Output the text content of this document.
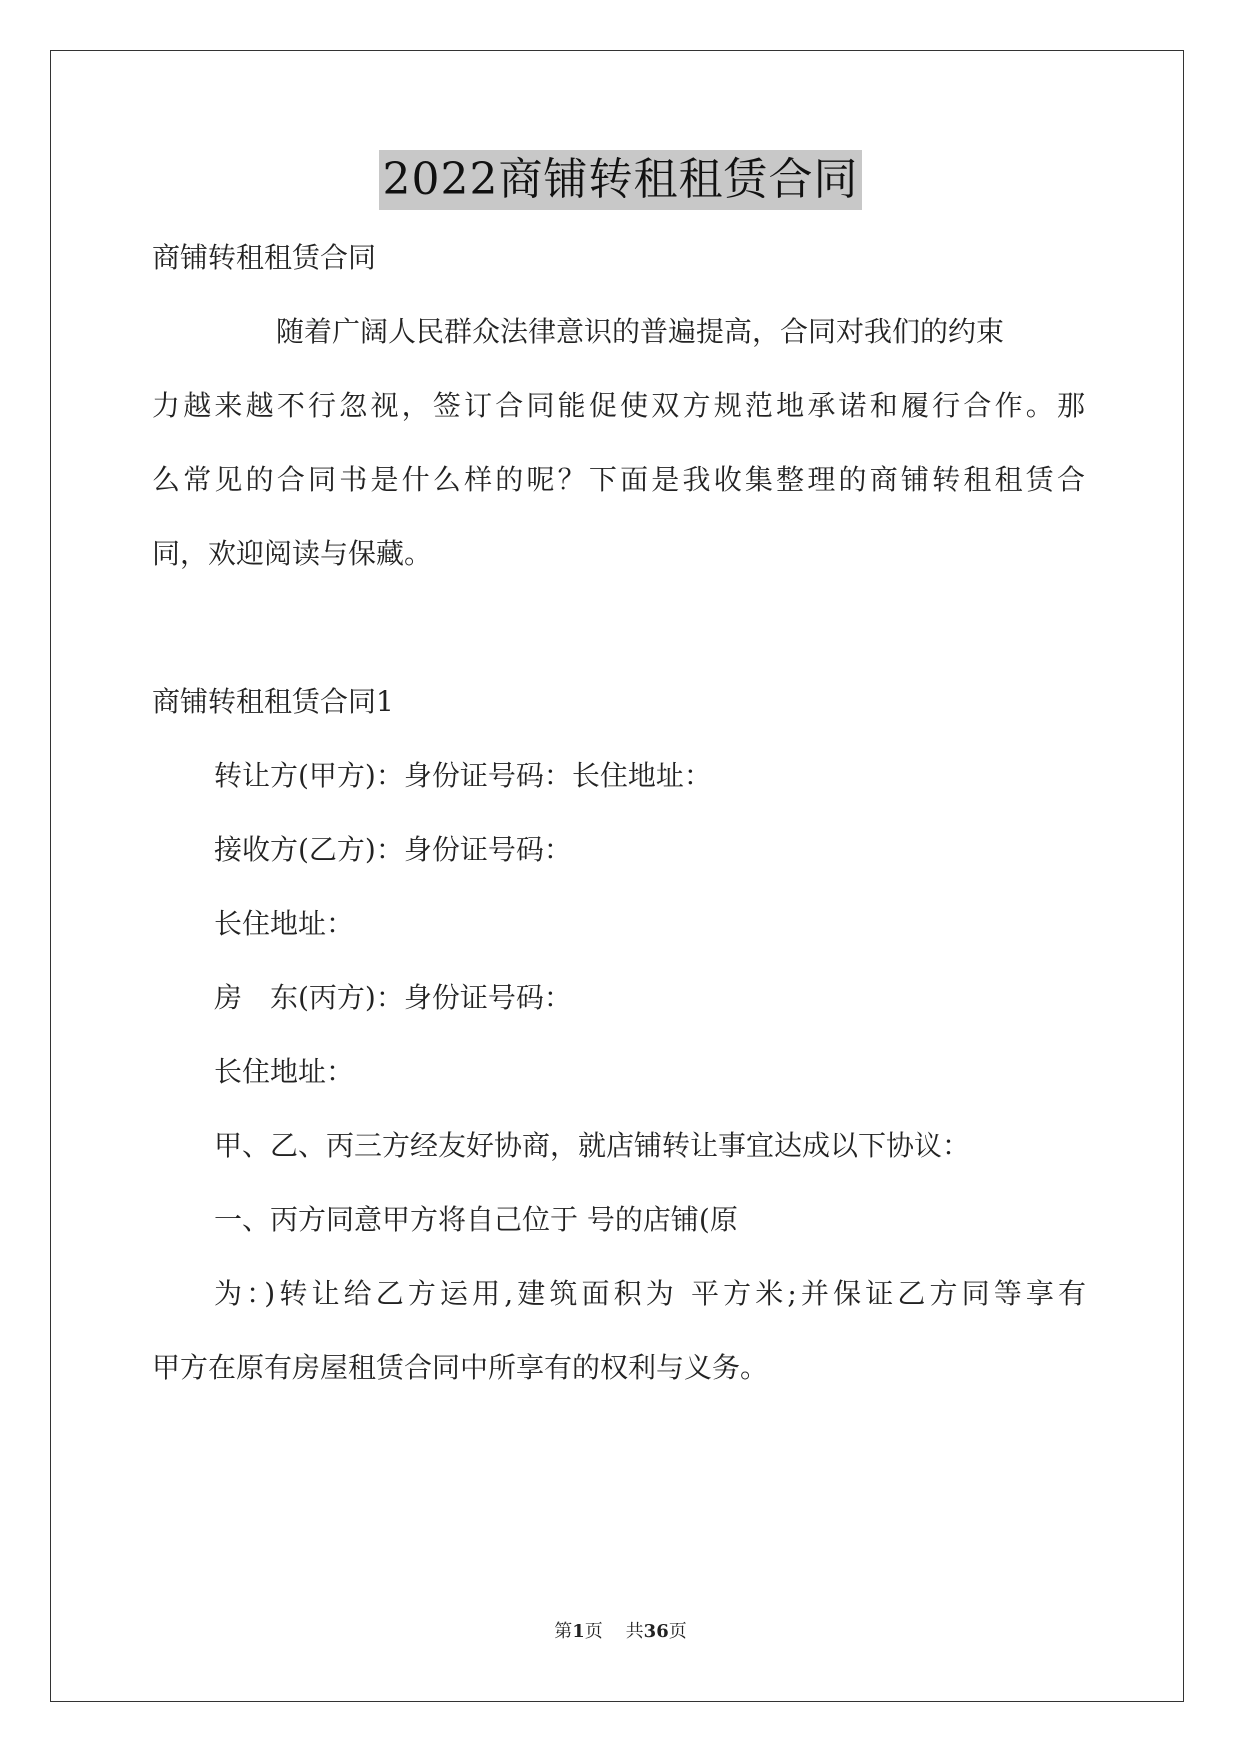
2022商铺转租租赁合同
商铺转租租赁合同
随着广阔人民群众法律意识的普遍提高，合同对我们的约束
力越来越不行忽视，签订合同能促使双方规范地承诺和履行合作。那
么常见的合同书是什么样的呢？下面是我收集整理的商铺转租租赁合
同，欢迎阅读与保藏。
商铺转租租赁合同1
转让方(甲方)：身份证号码：长住地址：
接收方(乙方)：身份证号码：
长住地址：
房　东(丙方)：身份证号码：
长住地址：
甲、乙、丙三方经友好协商，就店铺转让事宜达成以下协议：
一、丙方同意甲方将自己位于 号的店铺(原
为：)转让给乙方运用,建筑面积为 平方米;并保证乙方同等享有
甲方在原有房屋租赁合同中所享有的权利与义务。
第1页 共36页
